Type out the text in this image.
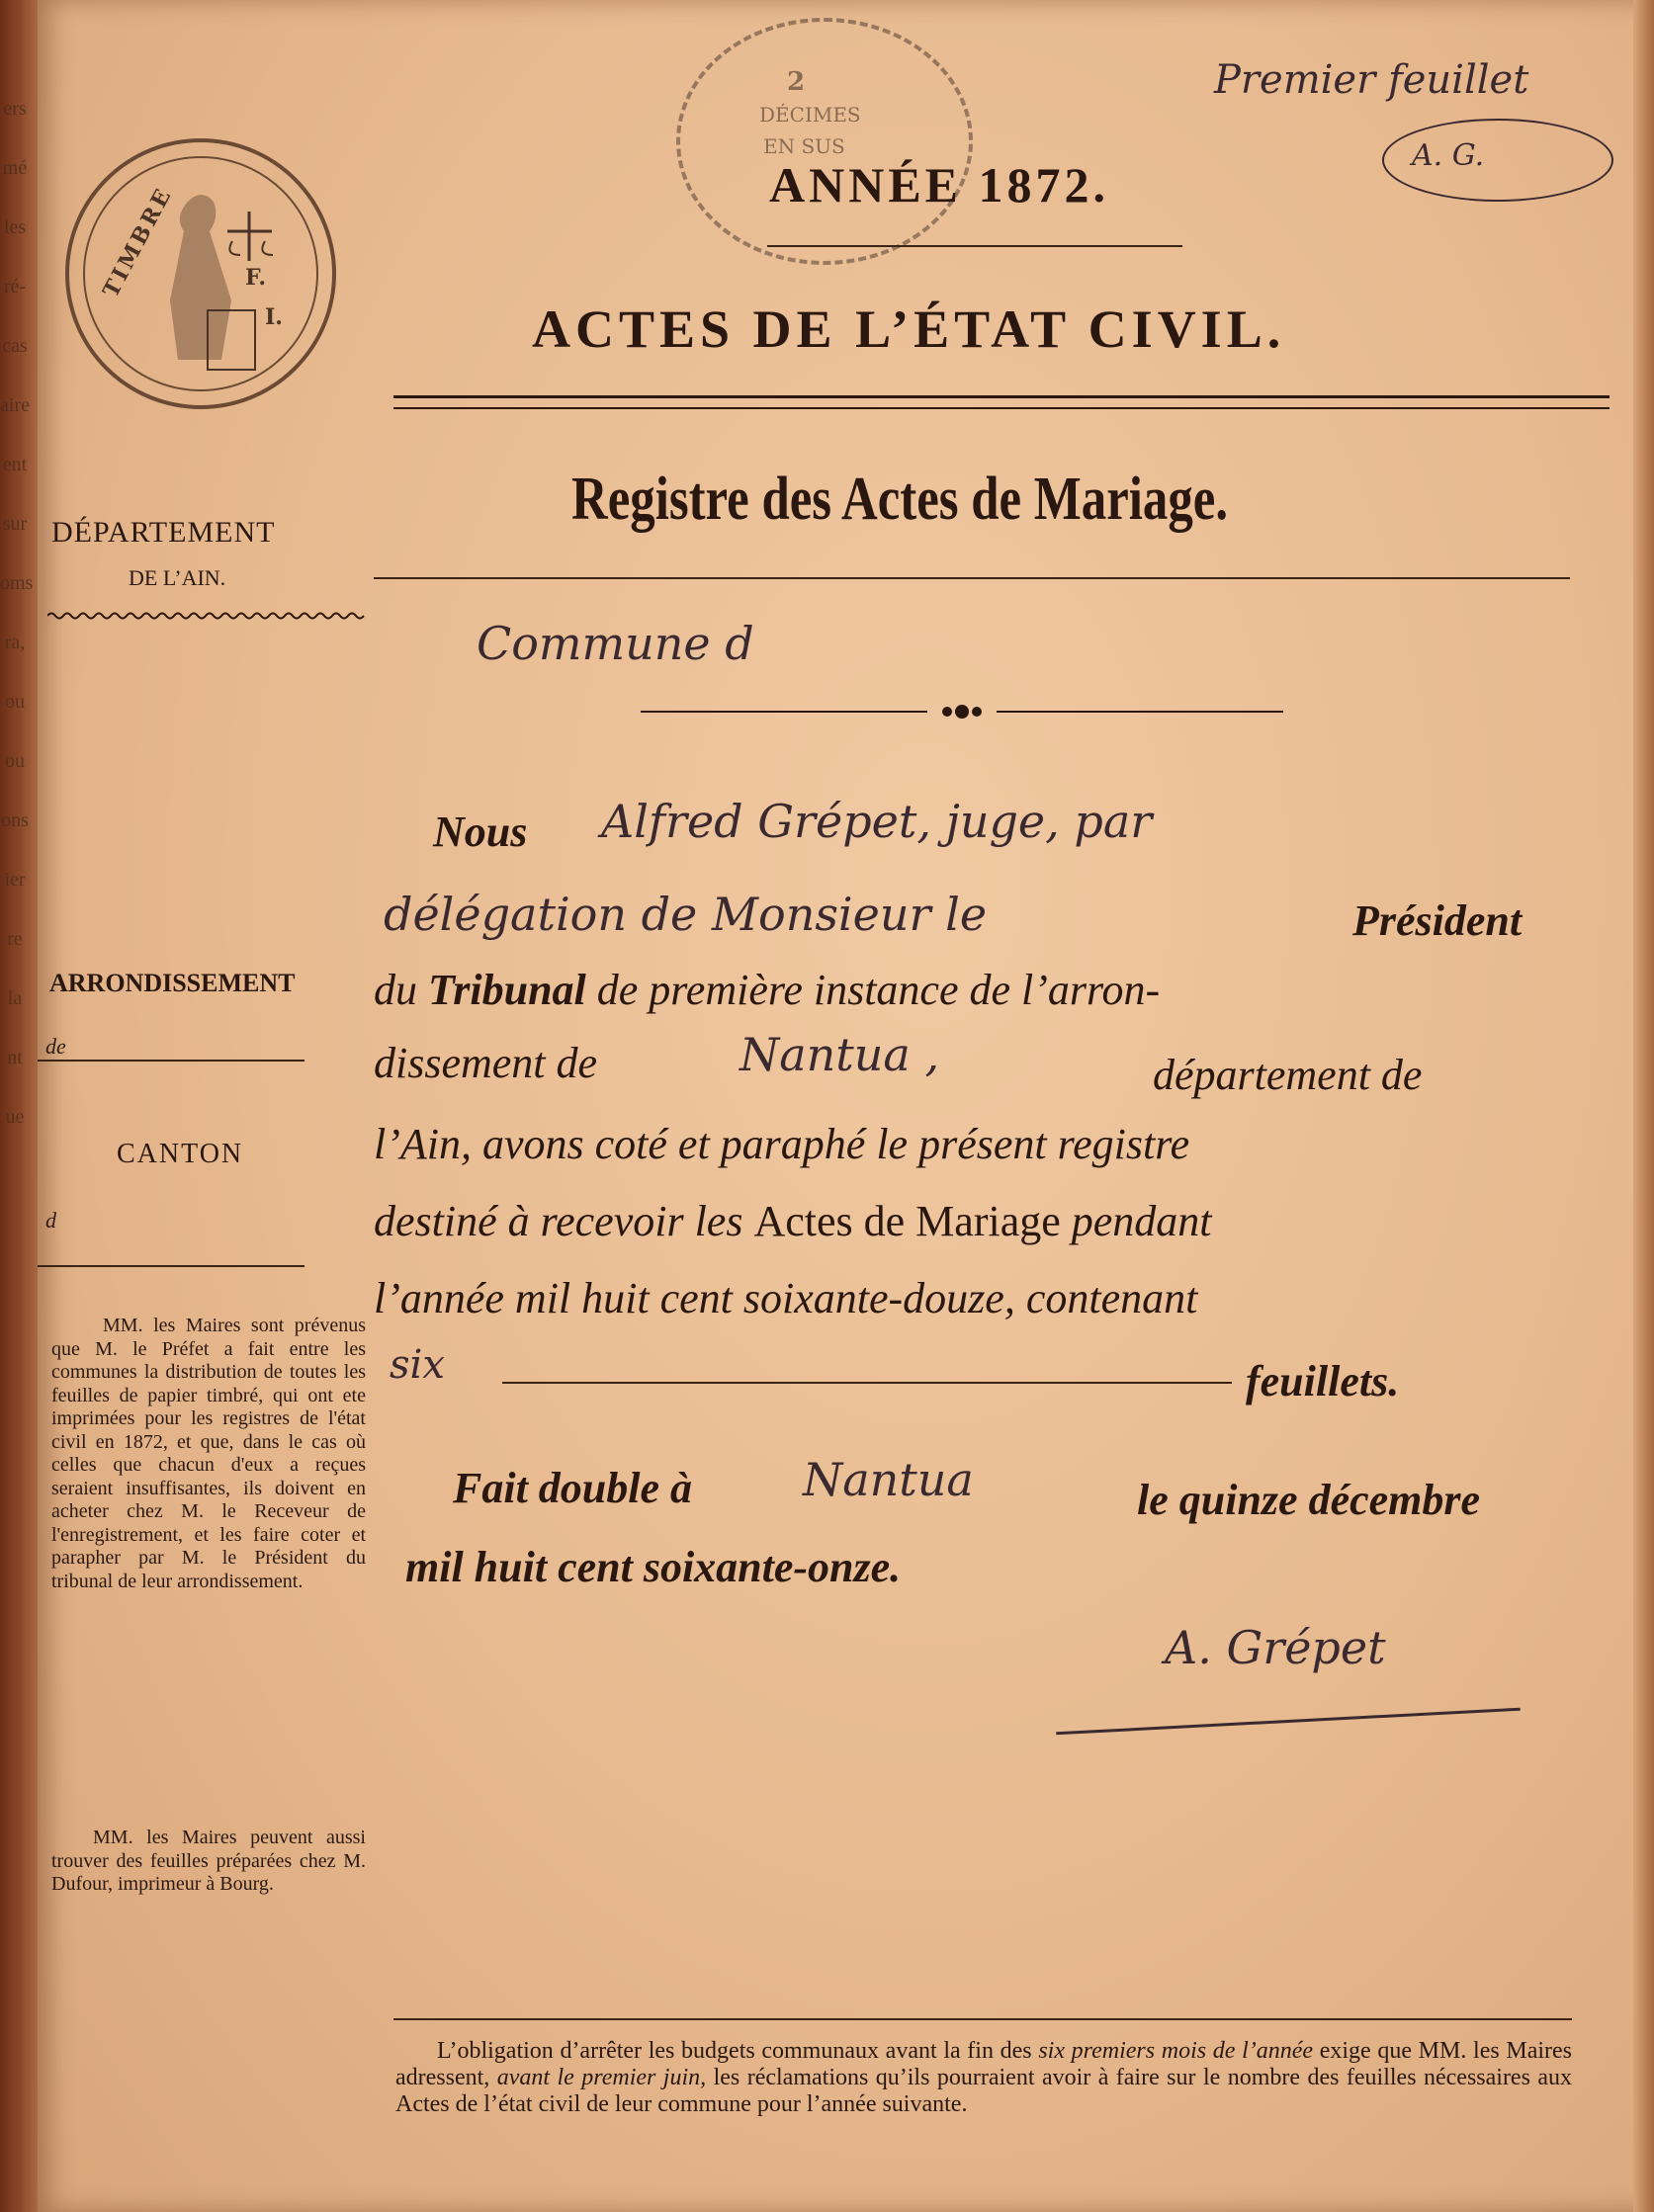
ers
mé
les
ré-
cas
aire
ent
sur
oms
ra,
ou
ou
ons
ier
re
la
nt
ue
TIMBRE	F.
I.
2
DÉCIMES
EN SUS
Premier feuillet
A. G.
ANNÉE 1872.
ACTES DE L’ÉTAT CIVIL.
Registre des Actes de Mariage.
DÉPARTEMENT
DE L’AIN.
ARRONDISSEMENT
de
CANTON
d
MM. les Maires sont prévenus que M. le Préfet a fait entre les communes la distribution de toutes les feuilles de papier timbré, qui ont ete imprimées pour les registres de l'état civil en 1872, et que, dans le cas où celles que chacun d'eux a reçues seraient insuffisantes, ils doivent en acheter chez M. le Receveur de l'enregistrement, et les faire coter et parapher par M. le Président du tribunal de leur arrondissement.
MM. les Maires peuvent aussi trouver des feuilles préparées chez M. Dufour, imprimeur à Bourg.
Commune d
Nous Alfred Grépet, juge, par
délégation de Monsieur le	Président
du Tribunal de première instance de l’arron-
dissement de	Nantua ,	département de
l’Ain, avons coté et paraphé le présent registre
destiné à recevoir les Actes de Mariage pendant
l’année mil huit cent soixante-douze, contenant
six	feuillets.
Fait double à Nantua	le quinze décembre
mil huit cent soixante-onze.
A. Grépet
L’obligation d’arrêter les budgets communaux avant la fin des six premiers mois de l’année exige que MM. les Maires adressent, avant le premier juin, les réclamations qu’ils pourraient avoir à faire sur le nombre des feuilles nécessaires aux Actes de l’état civil de leur commune pour l’année suivante.
